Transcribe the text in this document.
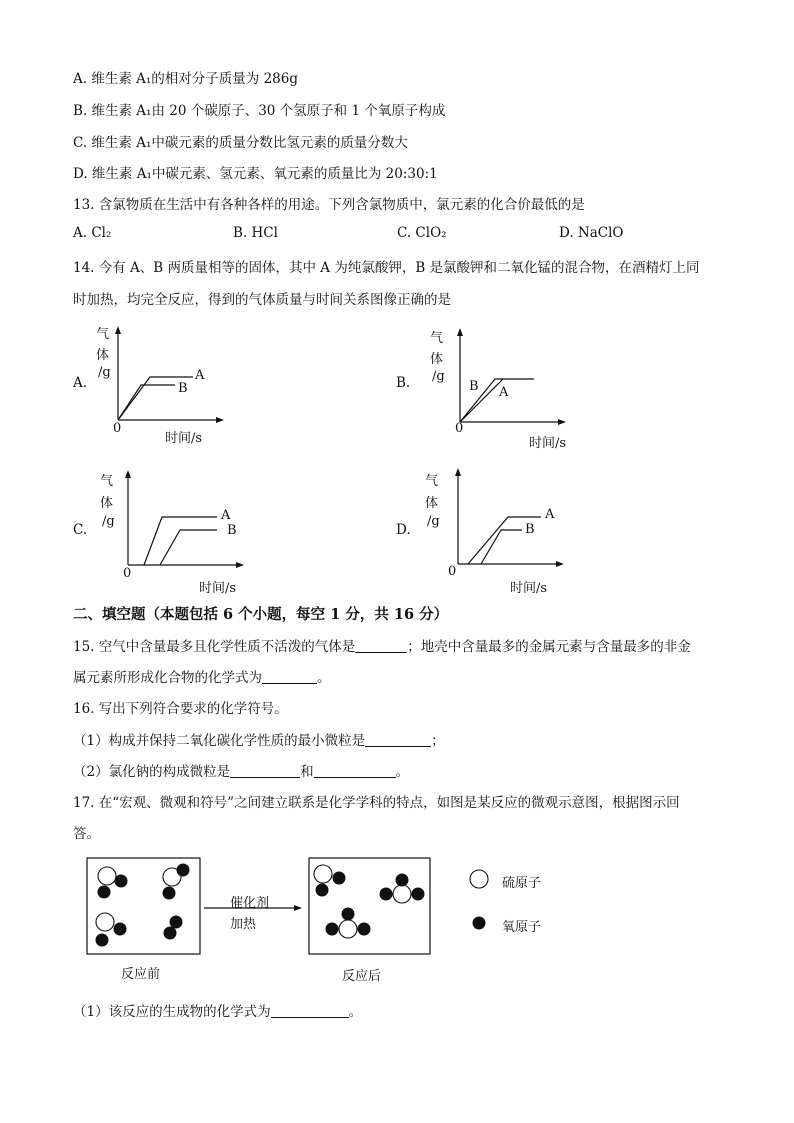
A. 维生素 A₁的相对分子质量为 286g
B. 维生素 A₁由 20 个碳原子、30 个氢原子和 1 个氧原子构成
C. 维生素 A₁中碳元素的质量分数比氢元素的质量分数大
D. 维生素 A₁中碳元素、氢元素、氧元素的质量比为 20:30:1
13. 含氯物质在生活中有各种各样的用途。下列含氯物质中，氯元素的化合价最低的是
A. Cl₂	B. HCl	C. ClO₂	D. NaClO
14. 今有 A、B 两质量相等的固体，其中 A 为纯氯酸钾，B 是氯酸钾和二氧化锰的混合物，在酒精灯上同
时加热，均完全反应，得到的气体质量与时间关系图像正确的是
A.
气
体
/g
0
时间/s
A
B	B.
气
体
/g
0
时间/s
B A
C.
气
体
/g
0
时间/s
A
B	D.
气
体
/g
0
时间/s
A
B
二、填空题（本题包括 6 个小题，每空 1 分，共 16 分）
15. 空气中含量最多且化学性质不活泼的气体是	；地壳中含量最多的金属元素与含量最多的非金
属元素所形成化合物的化学式为	。
16. 写出下列符合要求的化学符号。
（1）构成并保持二氧化碳化学性质的最小微粒是	；
（2）氯化钠的构成微粒是	和	。
17. 在“宏观、微观和符号”之间建立联系是化学学科的特点，如图是某反应的微观示意图，根据图示回
答。
催化剂
加热
反应前	反应后
硫原子
氧原子
（1）该反应的生成物的化学式为	。
